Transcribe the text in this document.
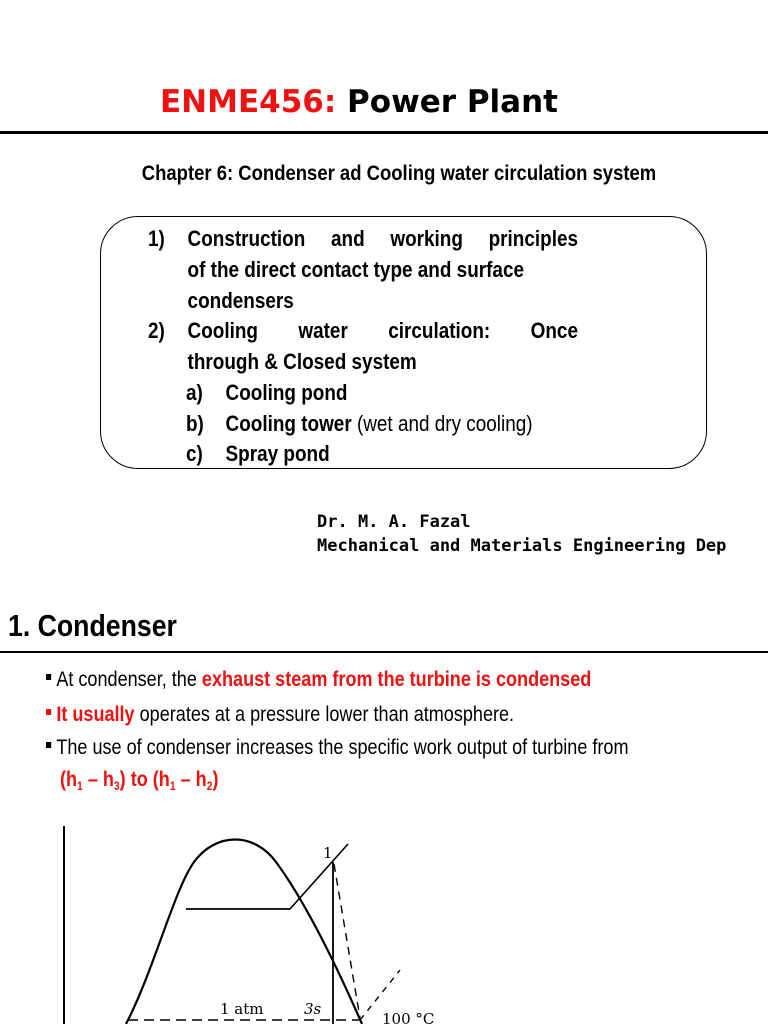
ENME456: Power Plant
Chapter 6: Condenser ad Cooling water circulation system
1) Construction and working principles
of the direct contact type and surface
condensers
2) Cooling water circulation: Once
through & Closed system
a) Cooling pond
b) Cooling tower (wet and dry cooling)
c) Spray pond
Dr. M. A. Fazal
Mechanical and Materials Engineering Dep
1. Condenser
At condenser, the exhaust steam from the turbine is condensed
It usually operates at a pressure lower than atmosphere.
The use of condenser increases the specific work output of turbine from
$(h_1 - h_3)$ to $(h_1 - h_2)$
1
1 atm	3s
100 °C
